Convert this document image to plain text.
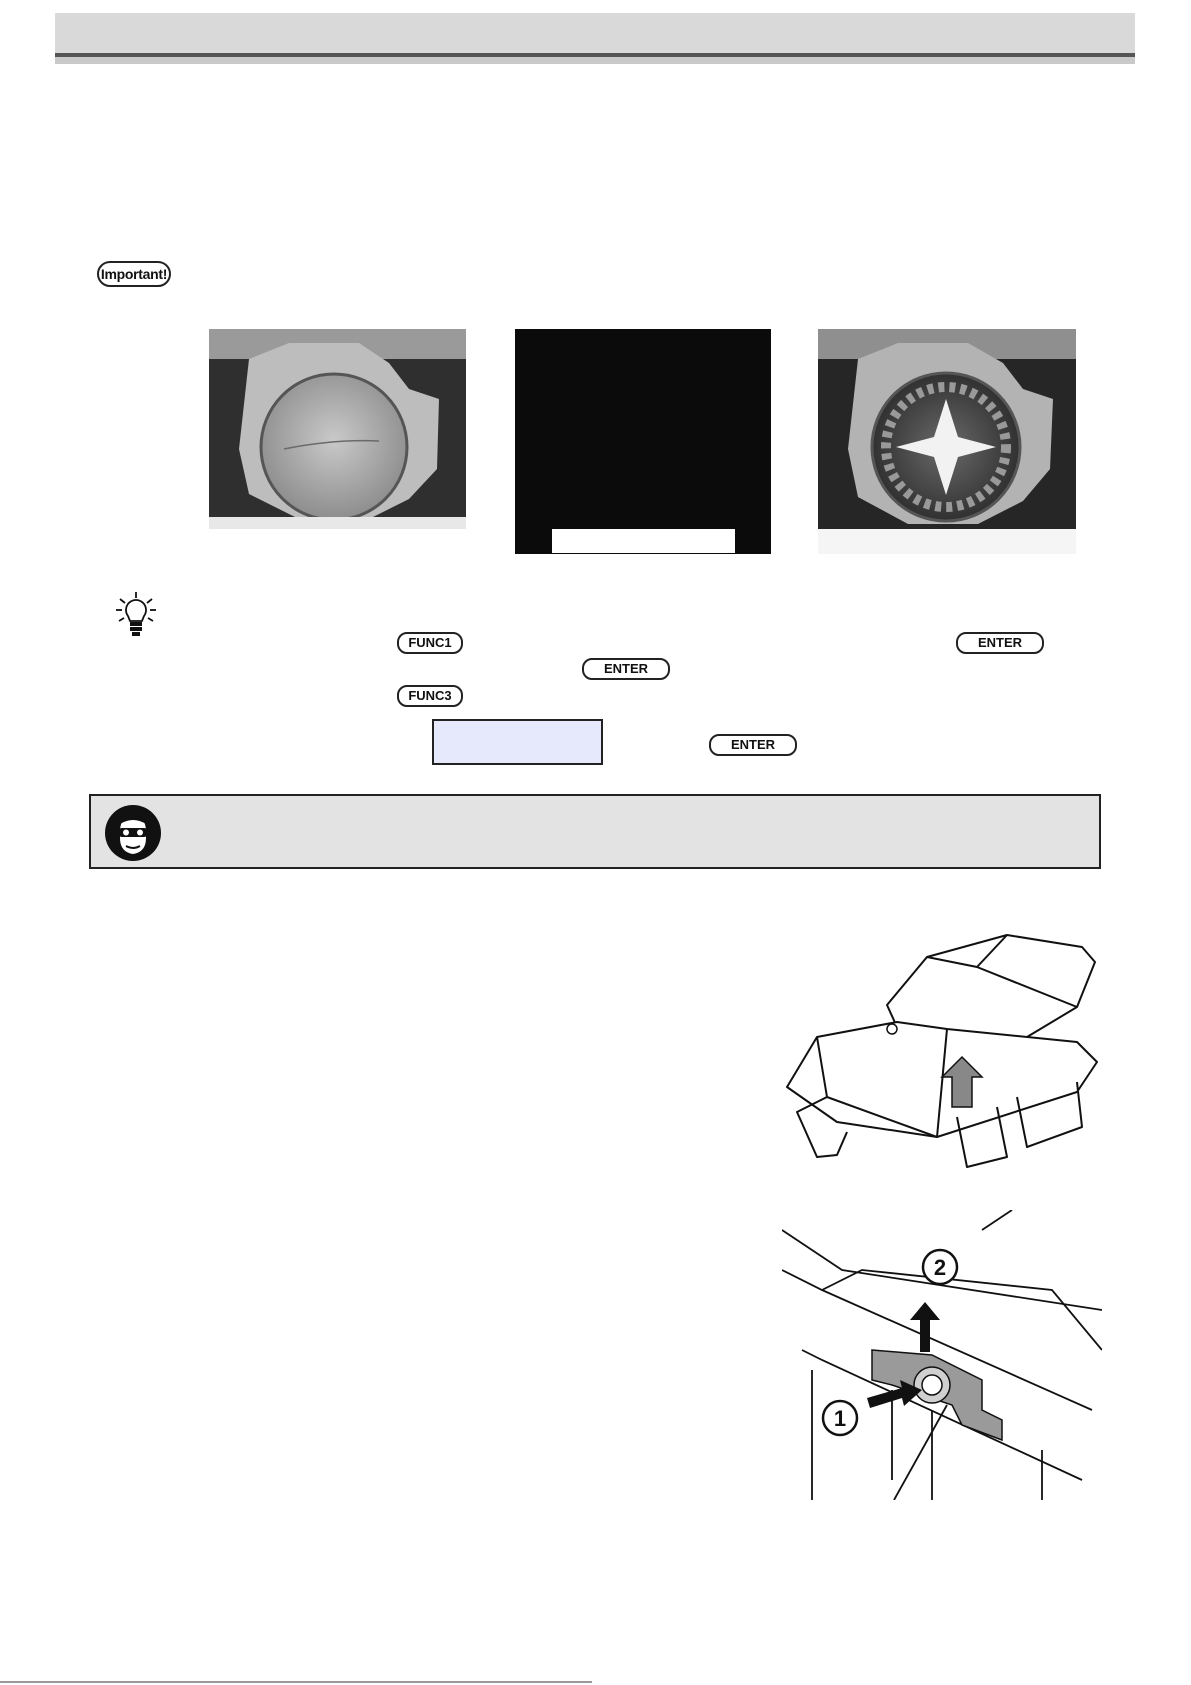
Important!
FUNC1	ENTER
ENTER
FUNC3
ENTER
2
1
